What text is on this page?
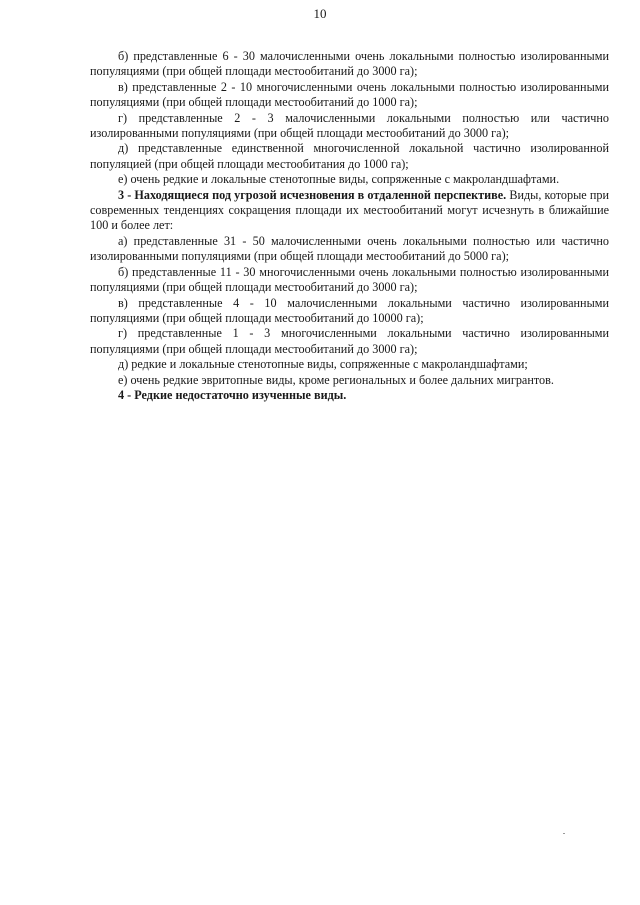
10

б) представленные 6 - 30 малочисленными очень локальными полностью изолированными популяциями (при общей площади местообитаний до 3000 га);

в) представленные 2 - 10 многочисленными очень локальными полностью изолированными популяциями (при общей площади местообитаний до 1000 га);

г) представленные 2 - 3 малочисленными локальными полностью или частично изолированными популяциями (при общей площади местообитаний до 3000 га);

д) представленные единственной многочисленной локальной частично изолированной популяцией (при общей площади местообитания до 1000 га);

е) очень редкие и локальные стенотопные виды, сопряженные с макроландшафтами.

3 - Находящиеся под угрозой исчезновения в отдаленной перспективе. Виды, которые при современных тенденциях сокращения площади их местообитаний могут исчезнуть в ближайшие 100 и более лет:

а) представленные 31 - 50 малочисленными очень локальными полностью или частично изолированными популяциями (при общей площади местообитаний до 5000 га);

б) представленные 11 - 30 многочисленными очень локальными полностью изолированными популяциями (при общей площади местообитаний до 3000 га);

в) представленные 4 - 10 малочисленными локальными частично изолированными популяциями (при общей площади местообитаний до 10000 га);

г) представленные 1 - 3 многочисленными локальными частично изолированными популяциями (при общей площади местообитаний до 3000 га);

д) редкие и локальные стенотопные виды, сопряженные с макроландшафтами;

е) очень редкие эвритопные виды, кроме региональных и более дальних мигрантов.

4 - Редкие недостаточно изученные виды.
